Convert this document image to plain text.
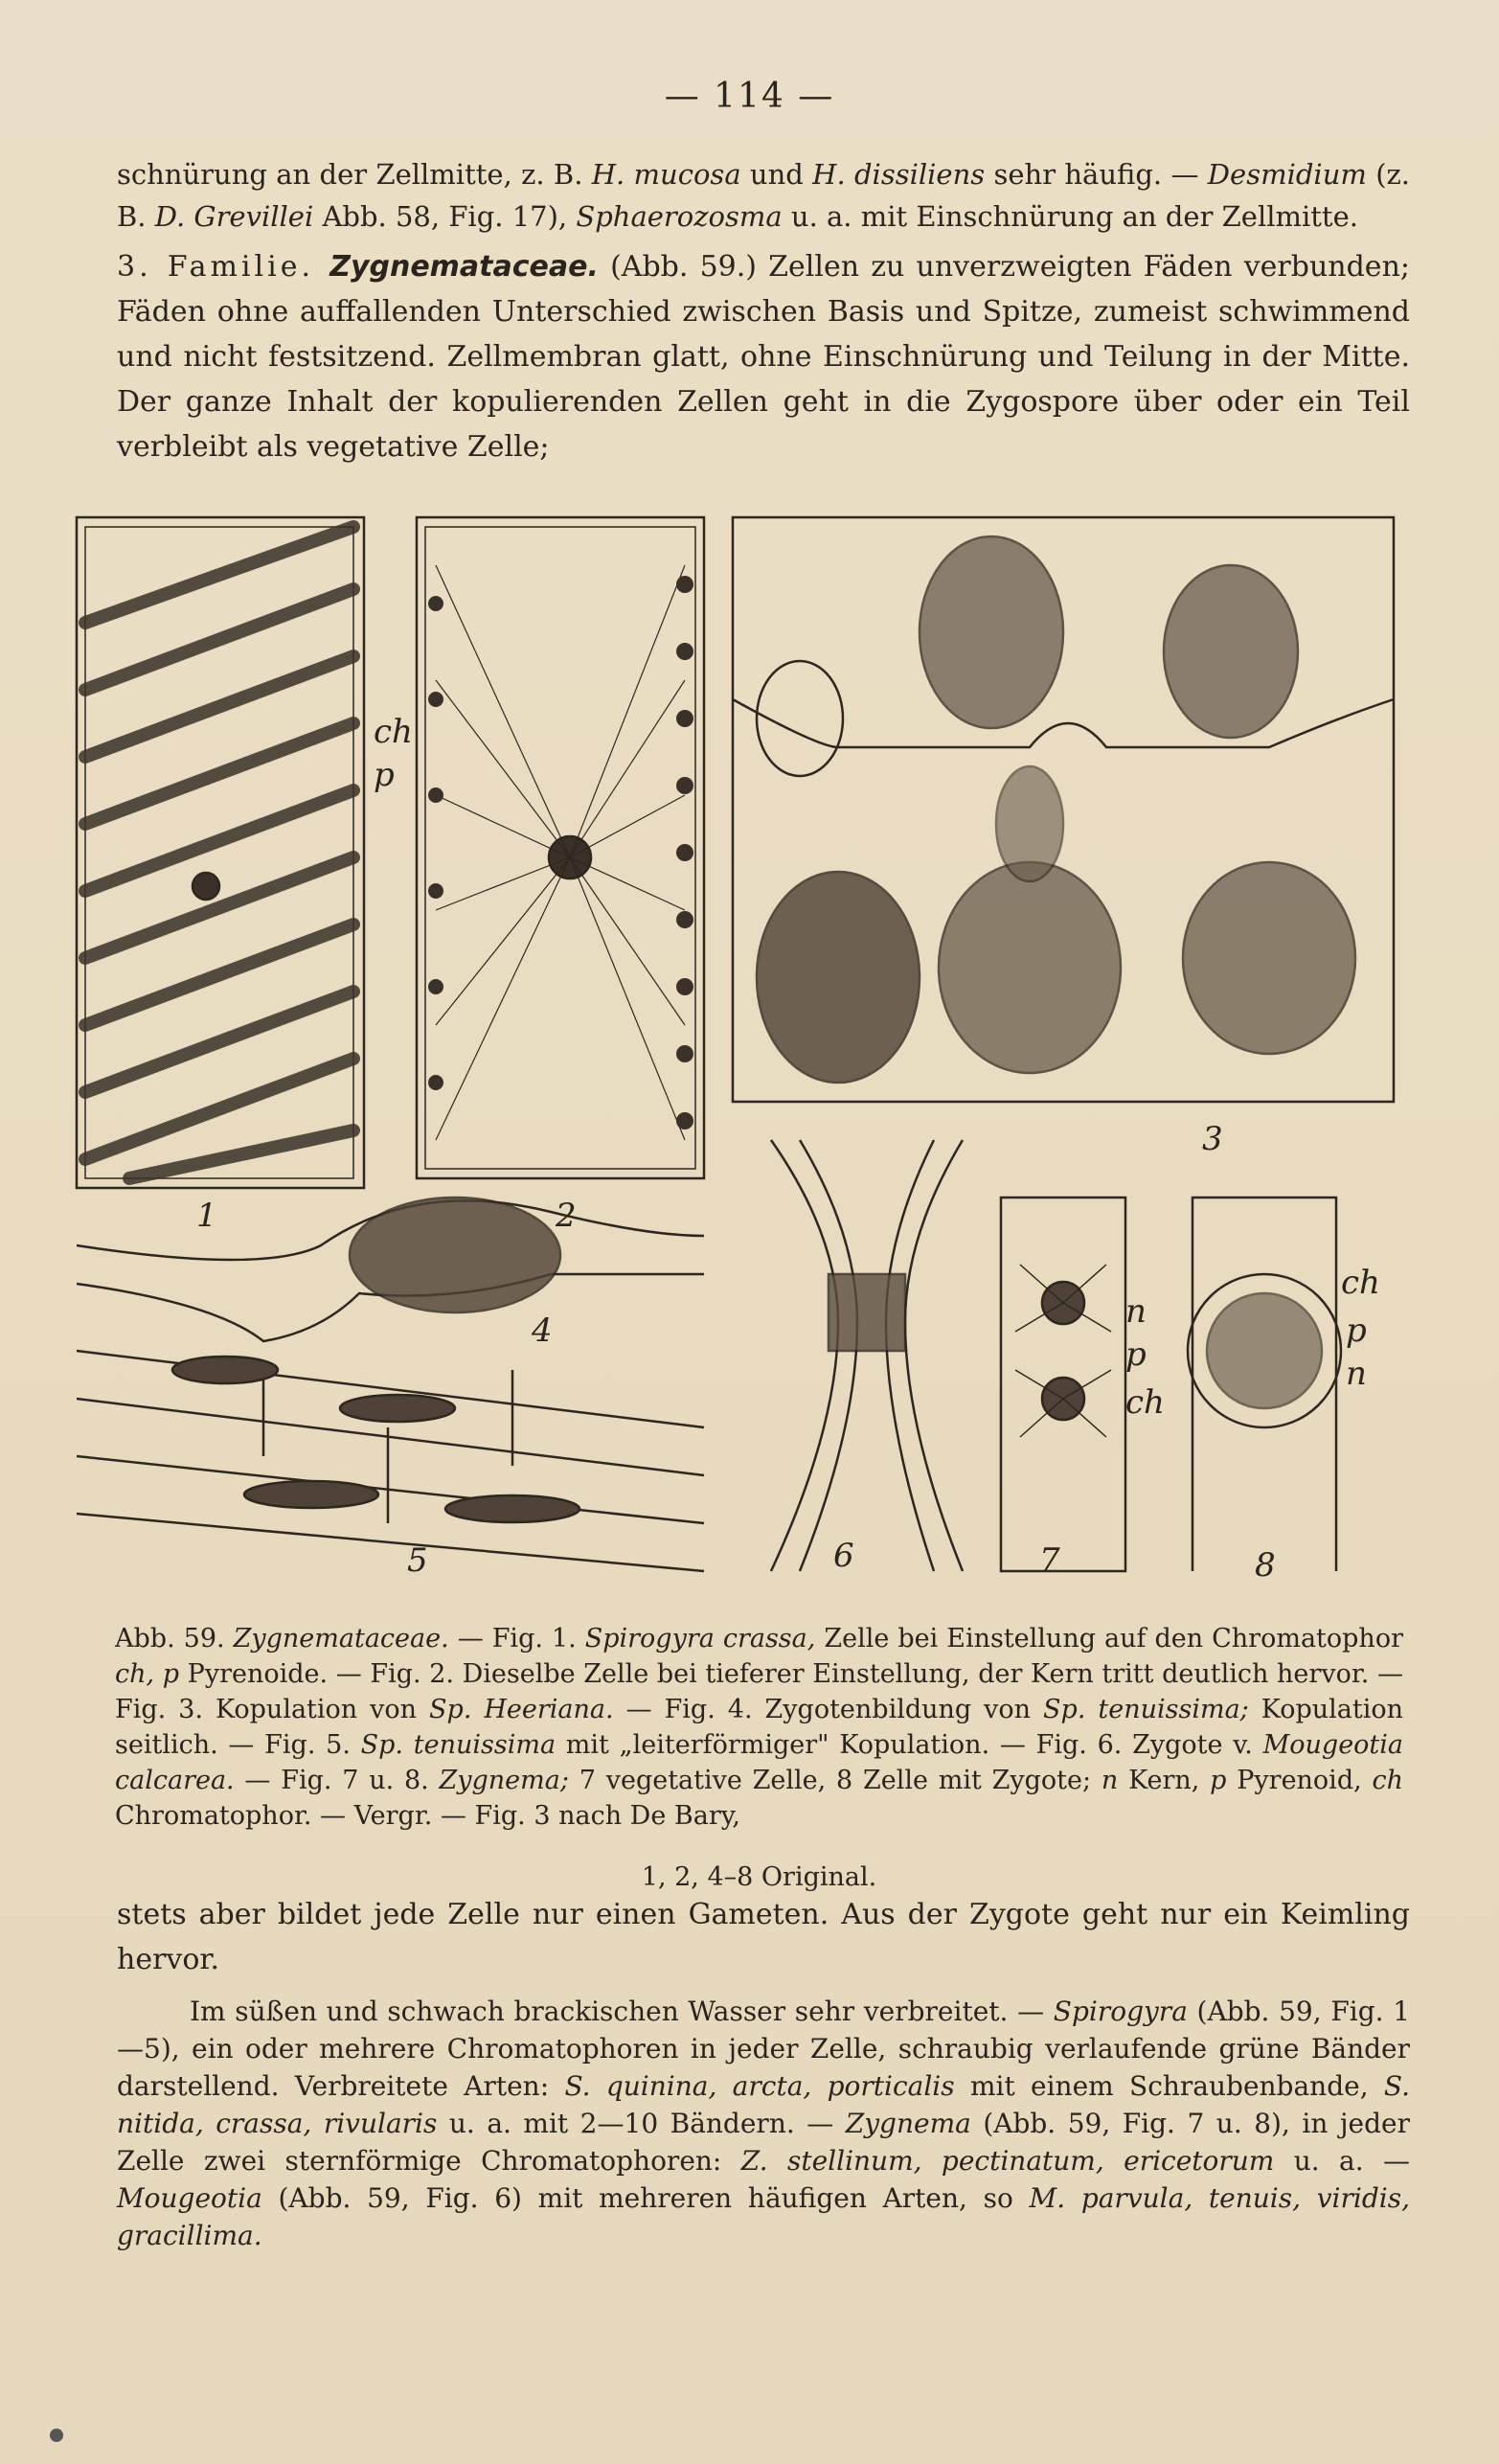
— 114 —

schnürung an der Zellmitte, z. B. H. mucosa und H. dissiliens sehr häufig. — Desmidium (z. B. D. Grevillei Abb. 58, Fig. 17), Sphaerozosma u. a. mit Einschnürung an der Zellmitte.

3. Familie. Zygnemataceae. (Abb. 59.) Zellen zu unverzweigten Fäden verbunden; Fäden ohne auffallenden Unterschied zwischen Basis und Spitze, zumeist schwimmend und nicht festsitzend. Zellmembran glatt, ohne Einschnürung und Teilung in der Mitte. Der ganze Inhalt der kopulierenden Zellen geht in die Zygospore über oder ein Teil verbleibt als vegetative Zelle;

ch
p
1	2
3
4
5	6	7	8
n
p
ch
ch
p
n

Abb. 59. Zygnemataceae. — Fig. 1. Spirogyra crassa, Zelle bei Einstellung auf den Chromatophor ch, p Pyrenoide. — Fig. 2. Dieselbe Zelle bei tieferer Einstellung, der Kern tritt deutlich hervor. — Fig. 3. Kopulation von Sp. Heeriana. — Fig. 4. Zygotenbildung von Sp. tenuissima; Kopulation seitlich. — Fig. 5. Sp. tenuissima mit „leiterförmiger" Kopulation. — Fig. 6. Zygote v. Mougeotia calcarea. — Fig. 7 u. 8. Zygnema; 7 vegetative Zelle, 8 Zelle mit Zygote; n Kern, p Pyrenoid, ch Chromatophor. — Vergr. — Fig. 3 nach De Bary,

1, 2, 4–8 Original.

stets aber bildet jede Zelle nur einen Gameten. Aus der Zygote geht nur ein Keimling hervor.

Im süßen und schwach brackischen Wasser sehr verbreitet. — Spirogyra (Abb. 59, Fig. 1—5), ein oder mehrere Chromatophoren in jeder Zelle, schraubig verlaufende grüne Bänder darstellend. Verbreitete Arten: S. quinina, arcta, porticalis mit einem Schraubenbande, S. nitida, crassa, rivularis u. a. mit 2—10 Bändern. — Zygnema (Abb. 59, Fig. 7 u. 8), in jeder Zelle zwei sternförmige Chromatophoren: Z. stellinum, pectinatum, ericetorum u. a. — Mougeotia (Abb. 59, Fig. 6) mit mehreren häufigen Arten, so M. parvula, tenuis, viridis, gracillima.
